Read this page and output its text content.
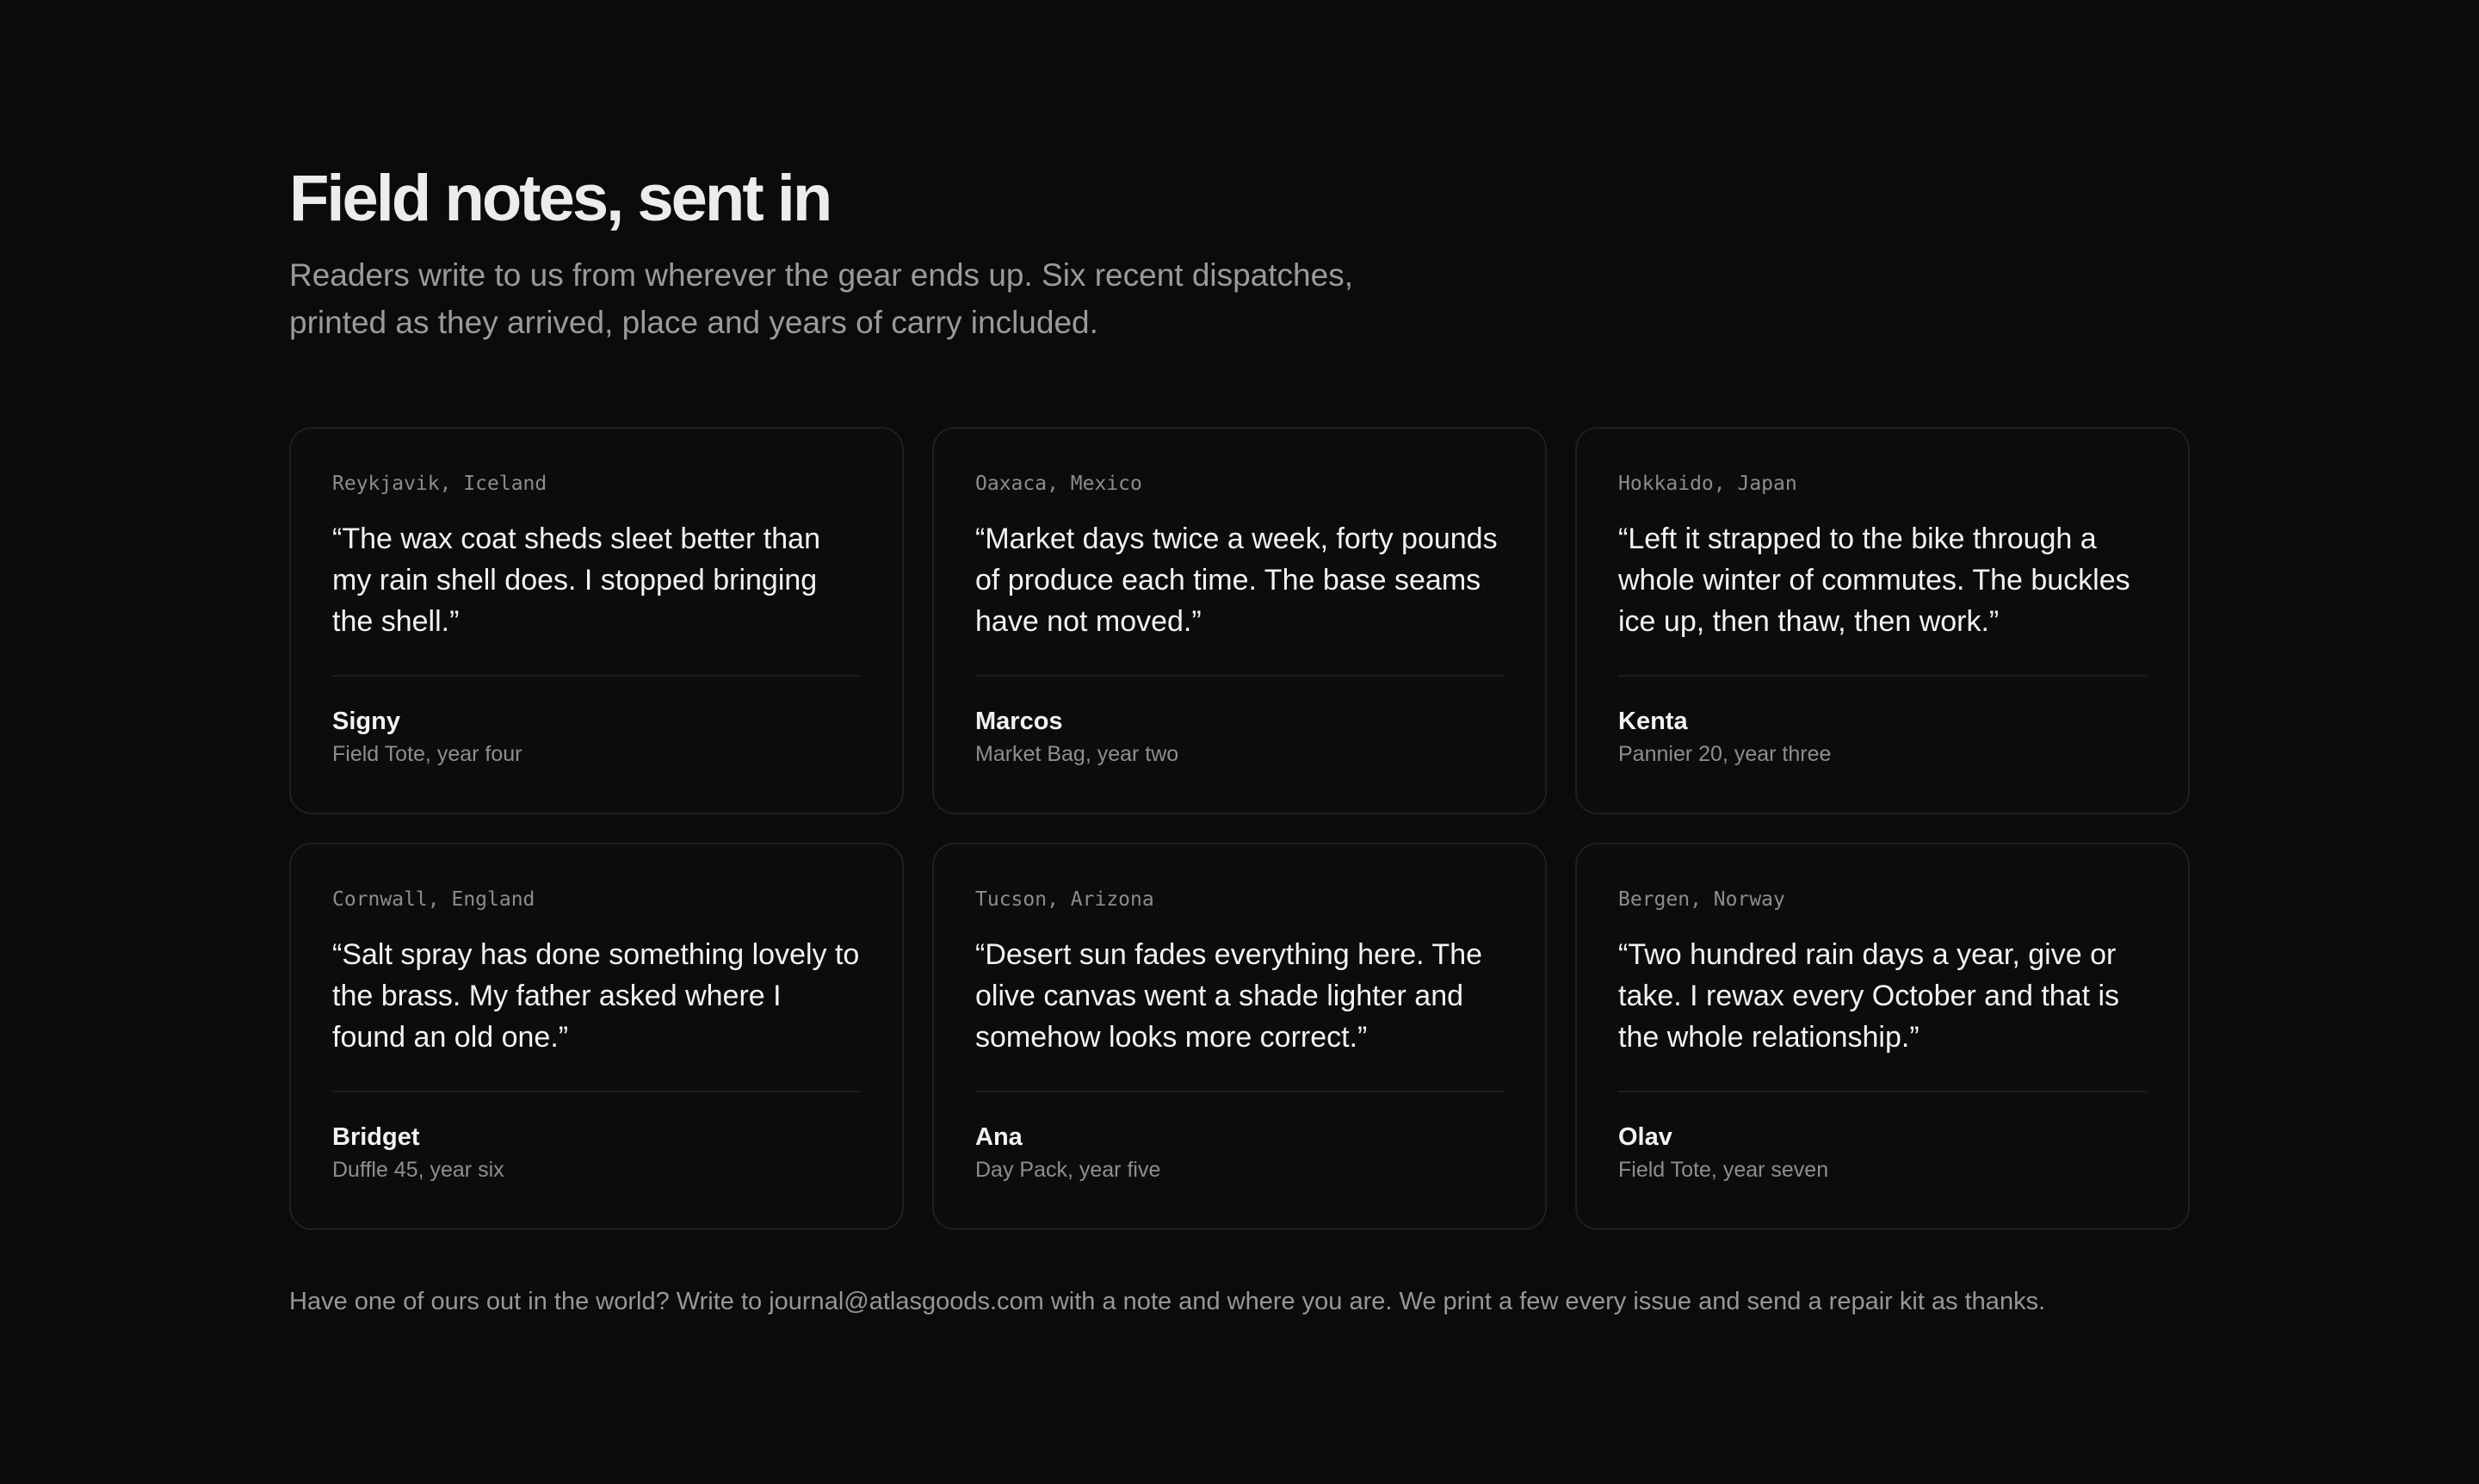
Field notes, sent in

Readers write to us from wherever the gear ends up. Six recent dispatches, printed as they arrived, place and years of carry included.

Reykjavik, Iceland
“The wax coat sheds sleet better than my rain shell does. I stopped bringing the shell.”
Signy
Field Tote, year four
Oaxaca, Mexico
“Market days twice a week, forty pounds of produce each time. The base seams have not moved.”
Marcos
Market Bag, year two
Hokkaido, Japan
“Left it strapped to the bike through a whole winter of commutes. The buckles ice up, then thaw, then work.”
Kenta
Pannier 20, year three
Cornwall, England
“Salt spray has done something lovely to the brass. My father asked where I found an old one.”
Bridget
Duffle 45, year six
Tucson, Arizona
“Desert sun fades everything here. The olive canvas went a shade lighter and somehow looks more correct.”
Ana
Day Pack, year five
Bergen, Norway
“Two hundred rain days a year, give or take. I rewax every October and that is the whole relationship.”
Olav
Field Tote, year seven
Have one of ours out in the world? Write to journal@atlasgoods.com with a note and where you are. We print a few every issue and send a repair kit as thanks.
